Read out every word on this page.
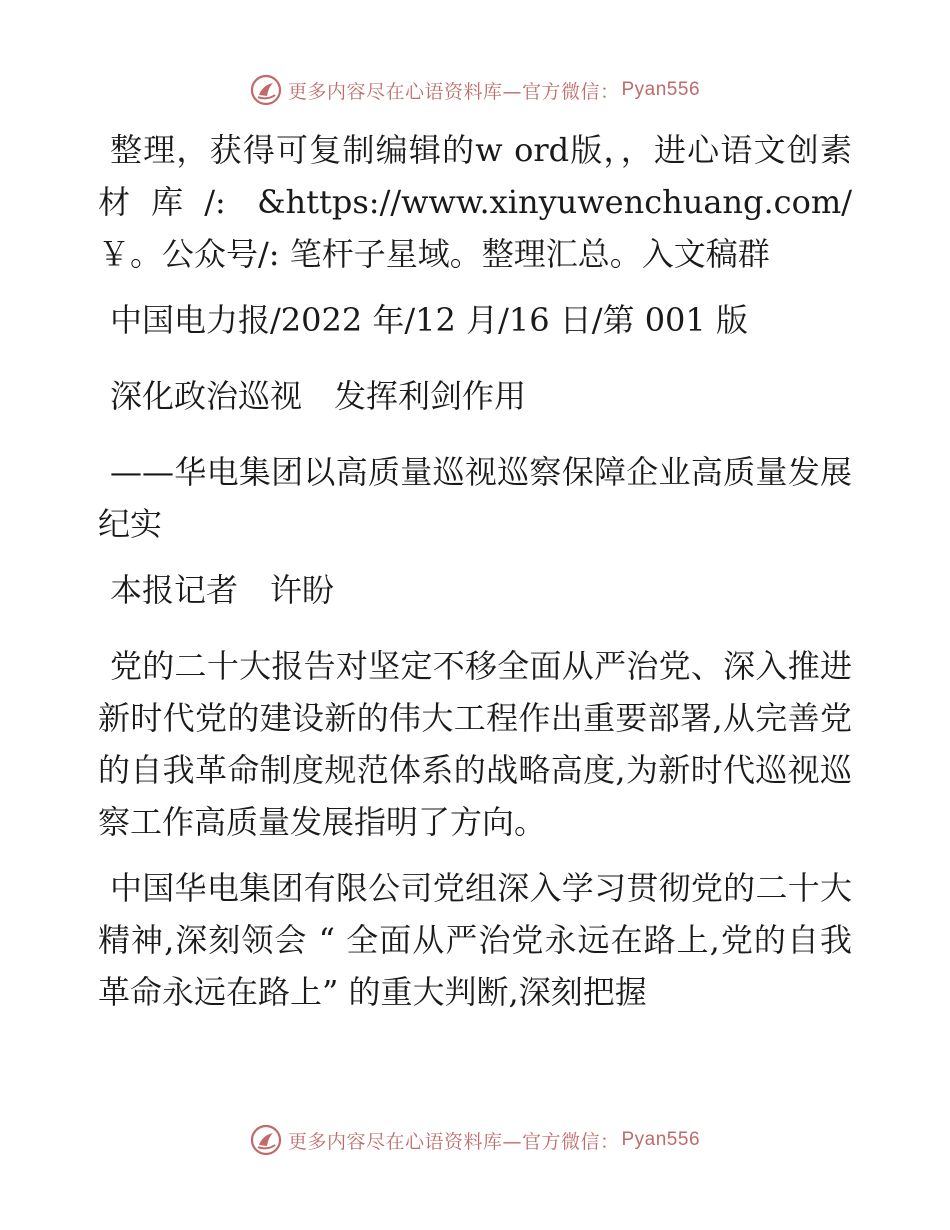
更多内容尽在心语资料库—官方微信： Pyan556

整理，获得可复制编辑的w ord版，，进心语文创素材库/: &https://www.xinyuwenchuang.com/￥。公众号/: 笔杆子星域。整理汇总。入文稿群

中国电力报/2022 年/12 月/16 日/第 001 版

深化政治巡视　发挥利剑作用

——华电集团以高质量巡视巡察保障企业高质量发展纪实

本报记者　许盼

党的二十大报告对坚定不移全面从严治党、深入推进新时代党的建设新的伟大工程作出重要部署,从完善党的自我革命制度规范体系的战略高度,为新时代巡视巡察工作高质量发展指明了方向。

中国华电集团有限公司党组深入学习贯彻党的二十大精神,深刻领会 “ 全面从严治党永远在路上,党的自我革命永远在路上” 的重大判断,深刻把握

更多内容尽在心语资料库—官方微信： Pyan556
